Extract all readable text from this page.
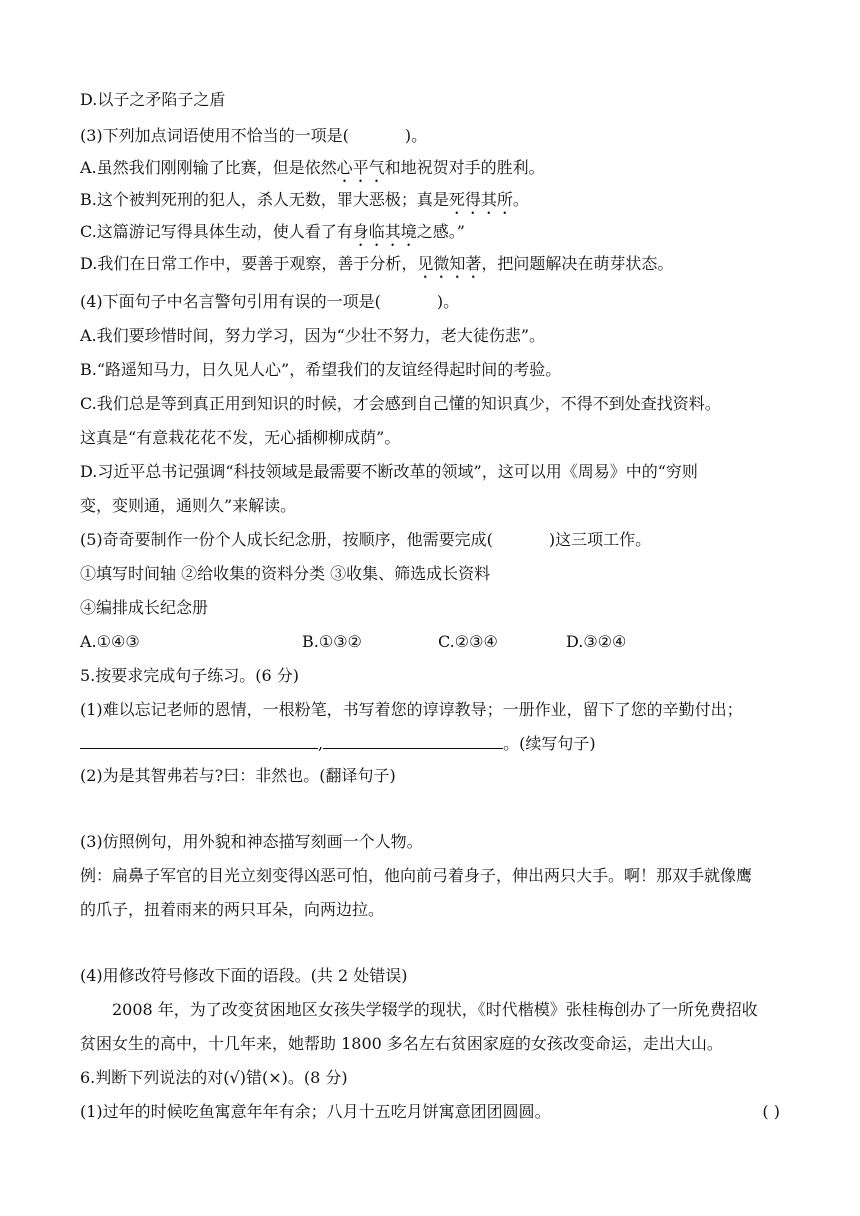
D.以子之矛陷子之盾
(3)下列加点词语使用不恰当的一项是(	)。
A.虽然我们刚刚输了比赛，但是依然心平气和地祝贺对手的胜利。
B.这个被判死刑的犯人，杀人无数，罪大恶极；真是死得其所。
C.这篇游记写得具体生动，使人看了有身临其境之感。”
D.我们在日常工作中，要善于观察，善于分析，见微知著，把问题解决在萌芽状态。
(4)下面句子中名言警句引用有误的一项是(	)。
A.我们要珍惜时间，努力学习，因为“少壮不努力，老大徒伤悲”。
B.“路遥知马力，日久见人心”，希望我们的友谊经得起时间的考验。
C.我们总是等到真正用到知识的时候，才会感到自己懂的知识真少，不得不到处查找资料。
这真是“有意栽花花不发，无心插柳柳成荫”。
D.习近平总书记强调“科技领域是最需要不断改革的领域”，这可以用《周易》中的“穷则
变，变则通，通则久”来解读。
(5)奇奇要制作一份个人成长纪念册，按顺序，他需要完成(	)这三项工作。
①填写时间轴 ②给收集的资料分类 ③收集、筛选成长资料
④编排成长纪念册
A.①④③	B.①③②	C.②③④	D.③②④
5.按要求完成句子练习。(6 分)
(1)难以忘记老师的恩情，一根粉笔，书写着您的谆谆教导；一册作业，留下了您的辛勤付出；
,	。(续写句子)
(2)为是其智弗若与?曰：非然也。(翻译句子)
(3)仿照例句，用外貌和神态描写刻画一个人物。
例：扁鼻子军官的目光立刻变得凶恶可怕，他向前弓着身子，伸出两只大手。啊！那双手就像鹰
的爪子，扭着雨来的两只耳朵，向两边拉。
(4)用修改符号修改下面的语段。(共 2 处错误)
2008 年，为了改变贫困地区女孩失学辍学的现状，《时代楷模》张桂梅创办了一所免费招收
贫困女生的高中，十几年来，她帮助 1800 多名左右贫困家庭的女孩改变命运，走出大山。
6.判断下列说法的对(√)错(×)。(8 分)
(1)过年的时候吃鱼寓意年年有余；八月十五吃月饼寓意团团圆圆。	( )
